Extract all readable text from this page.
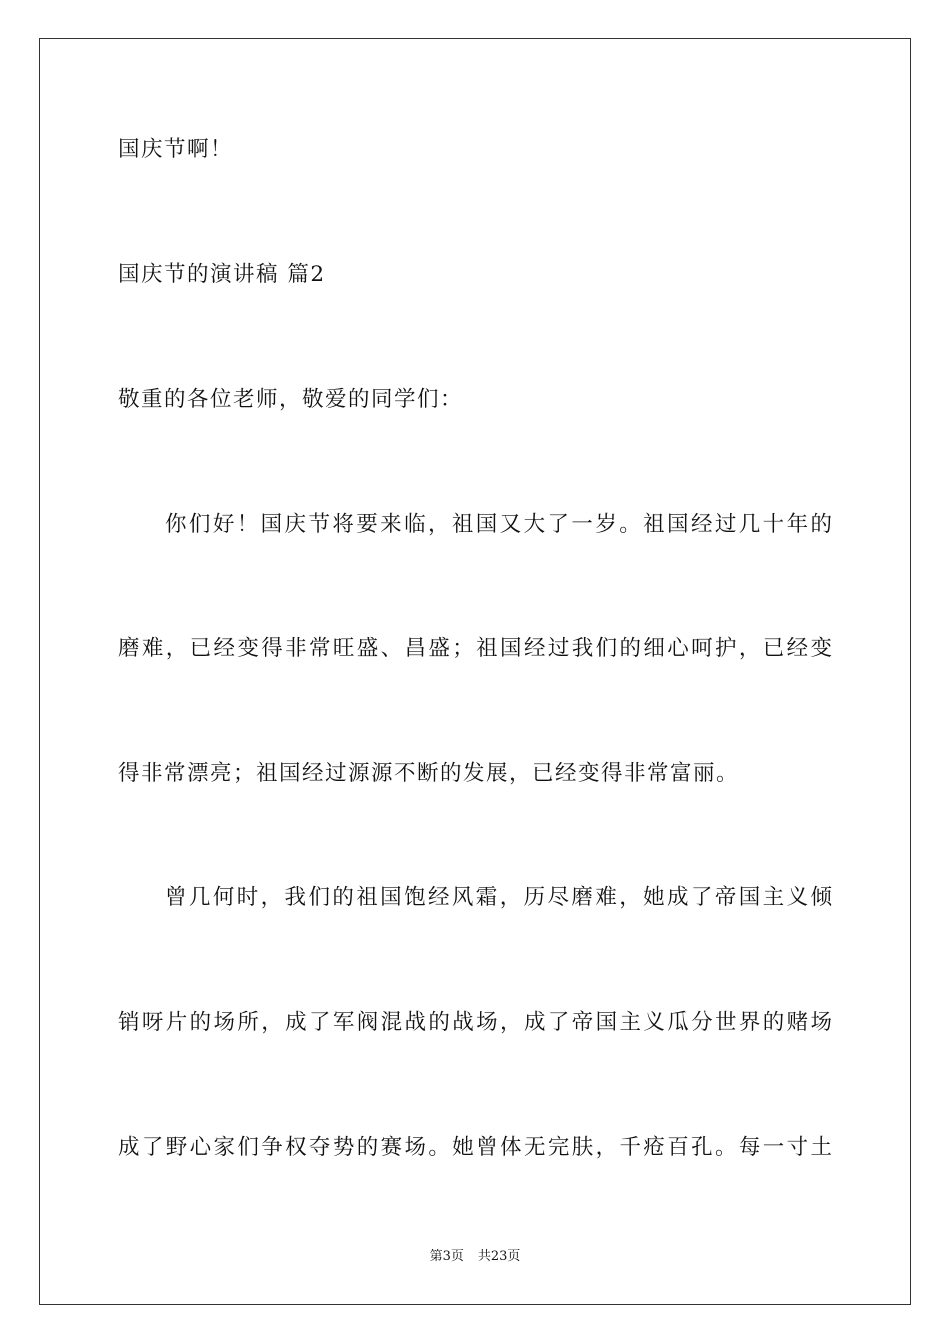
国庆节啊！
国庆节的演讲稿 篇2
敬重的各位老师，敬爱的同学们：
你们好！国庆节将要来临，祖国又大了一岁。祖国经过几十年的
磨难，已经变得非常旺盛、昌盛；祖国经过我们的细心呵护，已经变
得非常漂亮；祖国经过源源不断的发展，已经变得非常富丽。
曾几何时，我们的祖国饱经风霜，历尽磨难，她成了帝国主义倾
销呀片的场所，成了军阀混战的战场，成了帝国主义瓜分世界的赌场
成了野心家们争权夺势的赛场。她曾体无完肤，千疮百孔。每一寸土
第3页 共23页
